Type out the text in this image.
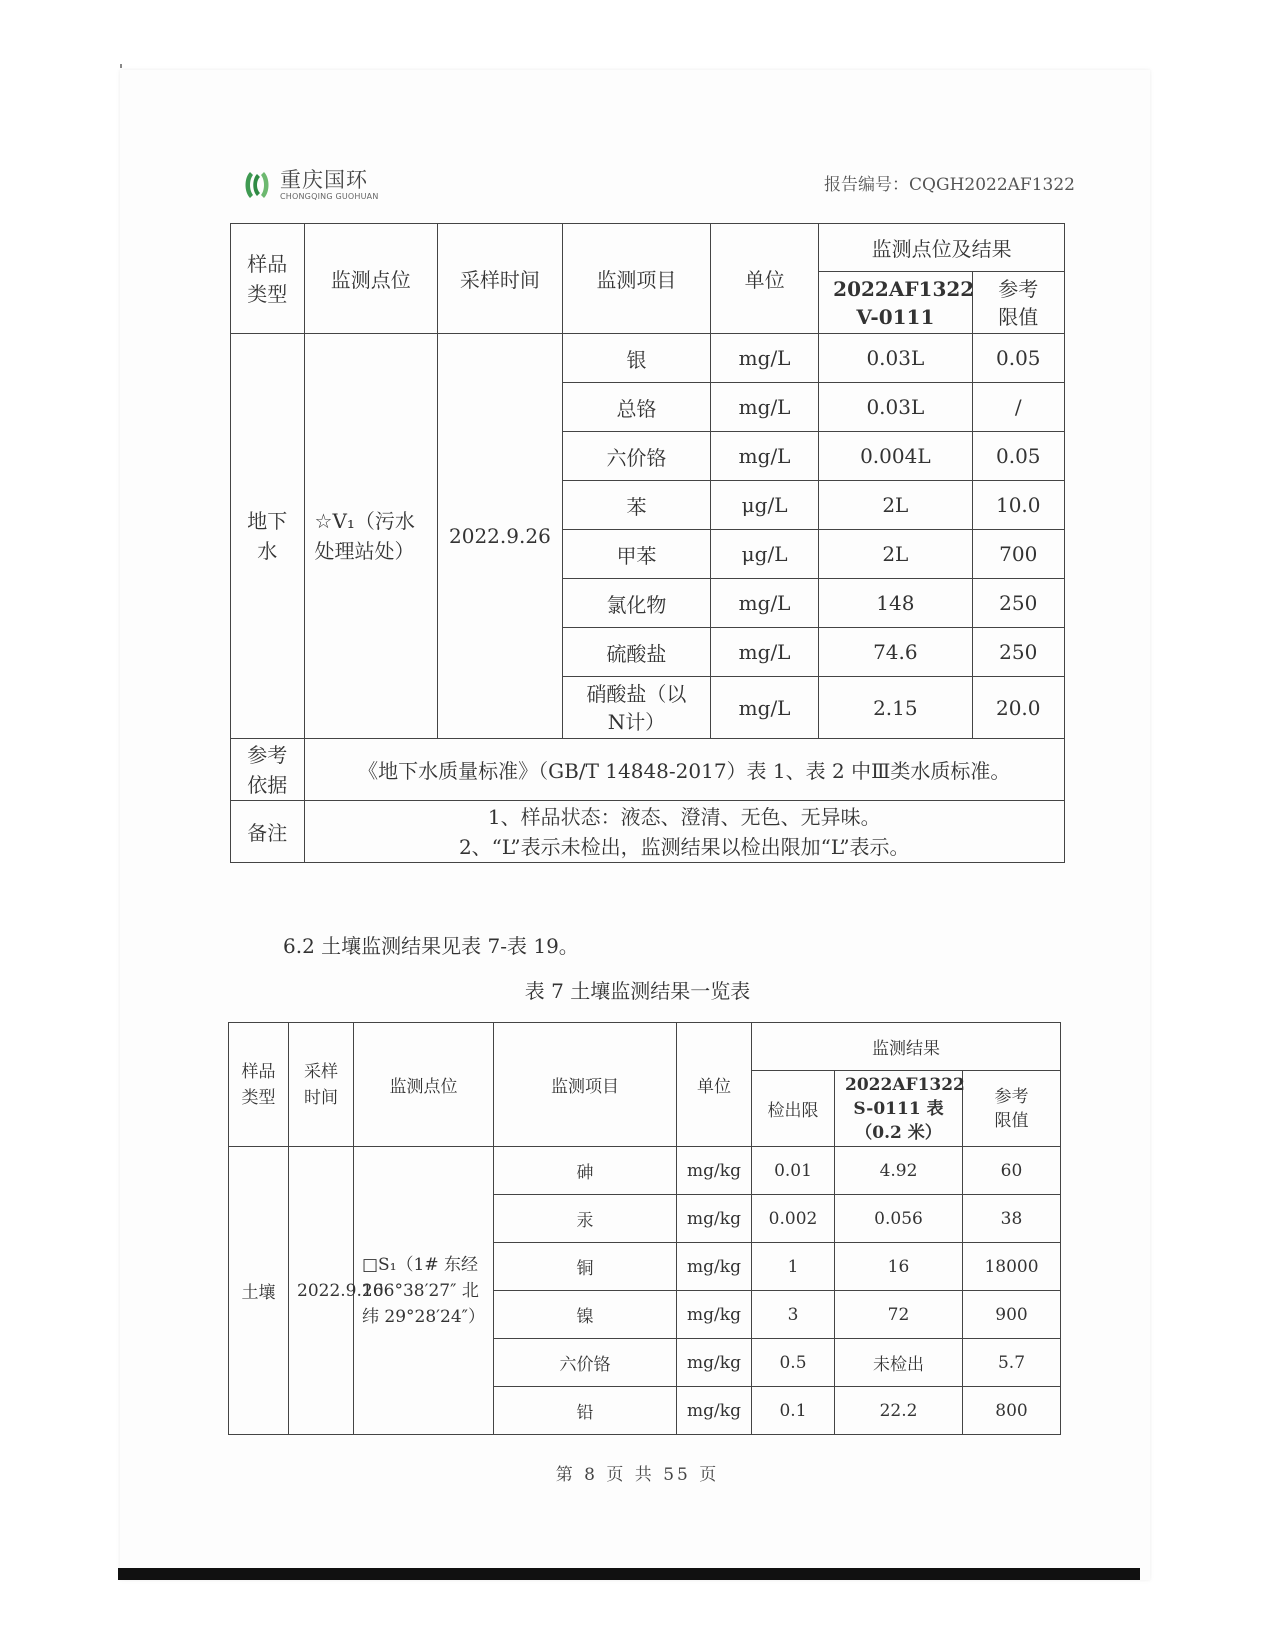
重庆国环
CHONGQING GUOHUAN
报告编号：CQGH2022AF1322
样品类型	监测点位	采样时间	监测项目	单位	监测点位及结果	
					2022AF1322 V-0111	参考限值
地下水	☆V₁（污水处理站处）	2022.9.26	银	mg/L	0.03L	0.05
			总铬	mg/L	0.03L	/
			六价铬	mg/L	0.004L	0.05
			苯	μg/L	2L	10.0
			甲苯	μg/L	2L	700
			氯化物	mg/L	148	250
			硫酸盐	mg/L	74.6	250
			硝酸盐（以N计）	mg/L	2.15	20.0
参考依据	《地下水质量标准》（GB/T 14848-2017）表 1、表 2 中Ⅲ类水质标准。					
备注	1、样品状态：液态、澄清、无色、无异味。
2、“L”表示未检出，监测结果以检出限加“L”表示。					
6.2 土壤监测结果见表 7-表 19。
表 7 土壤监测结果一览表
样品类型	采样时间	监测点位	监测项目	单位	监测结果		
					检出限	2022AF1322 S-0111 表（0.2 米）	参考限值
土壤	2022.9.26	□S₁（1# 东经 106°38′27″ 北纬 29°28′24″）	砷	mg/kg	0.01	4.92	60
			汞	mg/kg	0.002	0.056	38
			铜	mg/kg	1	16	18000
			镍	mg/kg	3	72	900
			六价铬	mg/kg	0.5	未检出	5.7
			铅	mg/kg	0.1	22.2	800
第 8 页 共 55 页
